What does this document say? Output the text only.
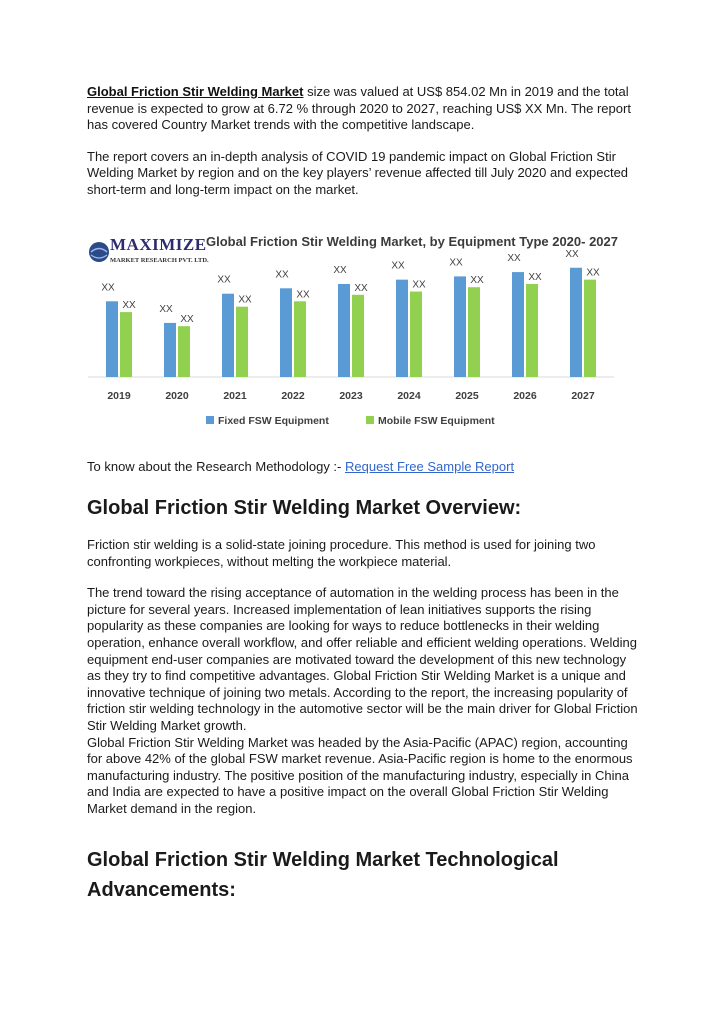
Global Friction Stir Welding Market size was valued at US$ 854.02 Mn in 2019 and the total revenue is expected to grow at 6.72 % through 2020 to 2027, reaching US$ XX Mn. The report has covered Country Market trends with the competitive landscape.

The report covers an in-depth analysis of COVID 19 pandemic impact on Global Friction Stir Welding Market by region and on the key players’ revenue affected till July 2020 and expected short-term and long-term impact on the market.

MAXIMIZE
MARKET RESEARCH PVT. LTD.
Global Friction Stir Welding Market, by Equipment Type 2020- 2027
XX
XX
2019
XX
XX
2020
XX
XX
2021
XX
XX
2022
XX
XX
2023
XX
XX
2024
XX
XX
2025
XX
XX
2026
XX
XX
2027
Fixed FSW Equipment	Mobile FSW Equipment
To know about the Research Methodology :- Request Free Sample Report
Global Friction Stir Welding Market Overview:

Friction stir welding is a solid-state joining procedure. This method is used for joining two confronting workpieces, without melting the workpiece material.

The trend toward the rising acceptance of automation in the welding process has been in the picture for several years. Increased implementation of lean initiatives supports the rising popularity as these companies are looking for ways to reduce bottlenecks in their welding operation, enhance overall workflow, and offer reliable and efficient welding operations. Welding equipment end-user companies are motivated toward the development of this new technology as they try to find competitive advantages. Global Friction Stir Welding Market is a unique and innovative technique of joining two metals. According to the report, the increasing popularity of friction stir welding technology in the automotive sector will be the main driver for Global Friction Stir Welding Market growth.

Global Friction Stir Welding Market was headed by the Asia-Pacific (APAC) region, accounting for above 42% of the global FSW market revenue. Asia-Pacific region is home to the enormous manufacturing industry. The positive position of the manufacturing industry, especially in China and India are expected to have a positive impact on the overall Global Friction Stir Welding Market demand in the region.

Global Friction Stir Welding Market Technological Advancements:
